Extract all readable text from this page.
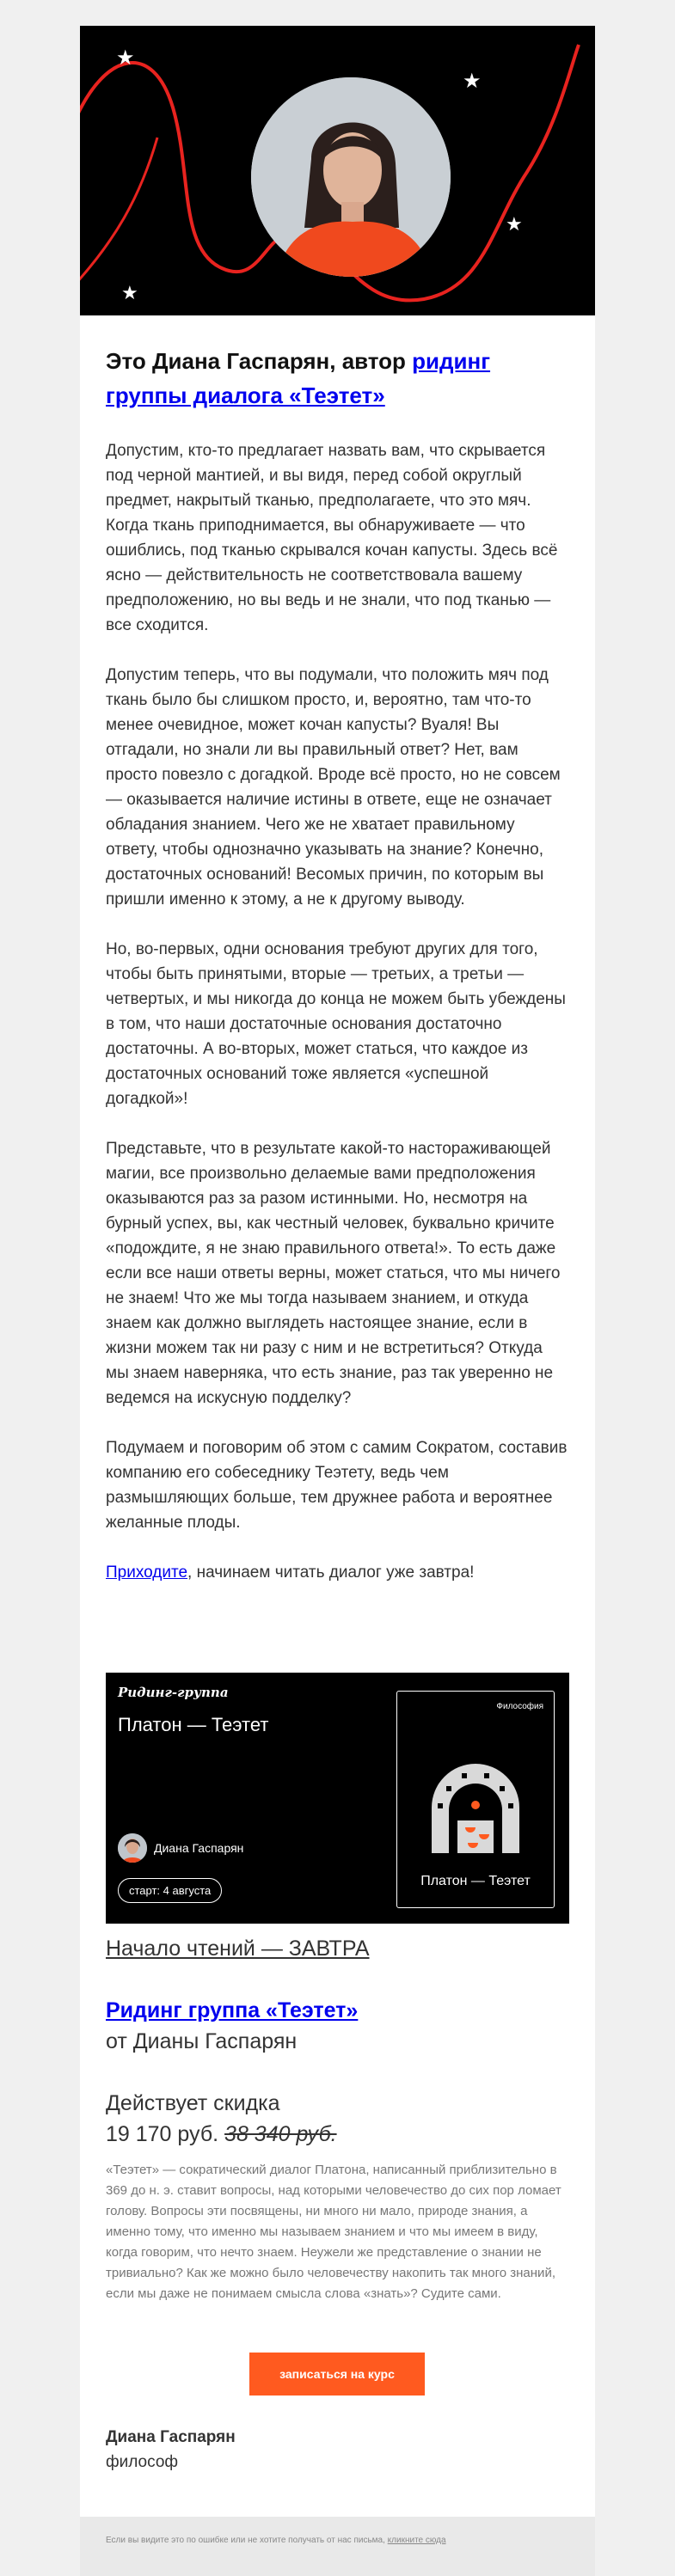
★
★
★
★
Это Диана Гаспарян, автор ридинг группы диалога «Теэтет»

Допустим, кто-то предлагает назвать вам, что скрывается под черной мантией, и вы видя, перед собой округлый предмет, накрытый тканью, предполагаете, что это мяч. Когда ткань приподнимается, вы обнаруживаете — что ошиблись, под тканью скрывался кочан капусты. Здесь всё ясно — действительность не соответствовала вашему предположению, но вы ведь и не знали, что под тканью — все сходится.

Допустим теперь, что вы подумали, что положить мяч под ткань было бы слишком просто, и, вероятно, там что-то менее очевидное, может кочан капусты? Вуаля! Вы отгадали, но знали ли вы правильный ответ? Нет, вам просто повезло с догадкой. Вроде всё просто, но не совсем — оказывается наличие истины в ответе, еще не означает обладания знанием. Чего же не хватает правильному ответу, чтобы однозначно указывать на знание? Конечно, достаточных оснований! Весомых причин, по которым вы пришли именно к этому, а не к другому выводу.

Но, во-первых, одни основания требуют других для того, чтобы быть принятыми, вторые — третьих, а третьи — четвертых, и мы никогда до конца не можем быть убеждены в том, что наши достаточные основания достаточно достаточны. А во-вторых, может статься, что каждое из достаточных оснований тоже является «успешной догадкой»!

Представьте, что в результате какой-то настораживающей магии, все произвольно делаемые вами предположения оказываются раз за разом истинными. Но, несмотря на бурный успех, вы, как честный человек, буквально кричите «подождите, я не знаю правильного ответа!». То есть даже если все наши ответы верны, может статься, что мы ничего не знаем! Что же мы тогда называем знанием, и откуда знаем как должно выглядеть настоящее знание, если в жизни можем так ни разу с ним и не встретиться? Откуда мы знаем наверняка, что есть знание, раз так уверенно не ведемся на искусную подделку?

Подумаем и поговорим об этом с самим Сократом, составив компанию его собеседнику Теэтету, ведь чем размышляющих больше, тем дружнее работа и вероятнее желанные плоды.

Приходите, начинаем читать диалог уже завтра!

Ридинг-группа
Платон — Теэтет
Диана Гаспарян
старт: 4 августа
Философия
Платон — Теэтет
Начало чтений — ЗАВТРА
Ридинг группа «Теэтет»
от Дианы Гаспарян
Действует скидка
19 170 руб. 38 340 руб.
«Теэтет» — сократический диалог Платона, написанный приблизительно в 369 до н. э. ставит вопросы, над которыми человечество до сих пор ломает голову. Вопросы эти посвящены, ни много ни мало, природе знания, а именно тому, что именно мы называем знанием и что мы имеем в виду, когда говорим, что нечто знаем. Неужели же представление о знании не тривиально? Как же можно было человечеству накопить так много знаний, если мы даже не понимаем смысла слова «знать»? Судите сами.
записаться на курс
Диана Гаспарян
философ
Если вы видите это по ошибке или не хотите получать от нас письма, кликните сюда
